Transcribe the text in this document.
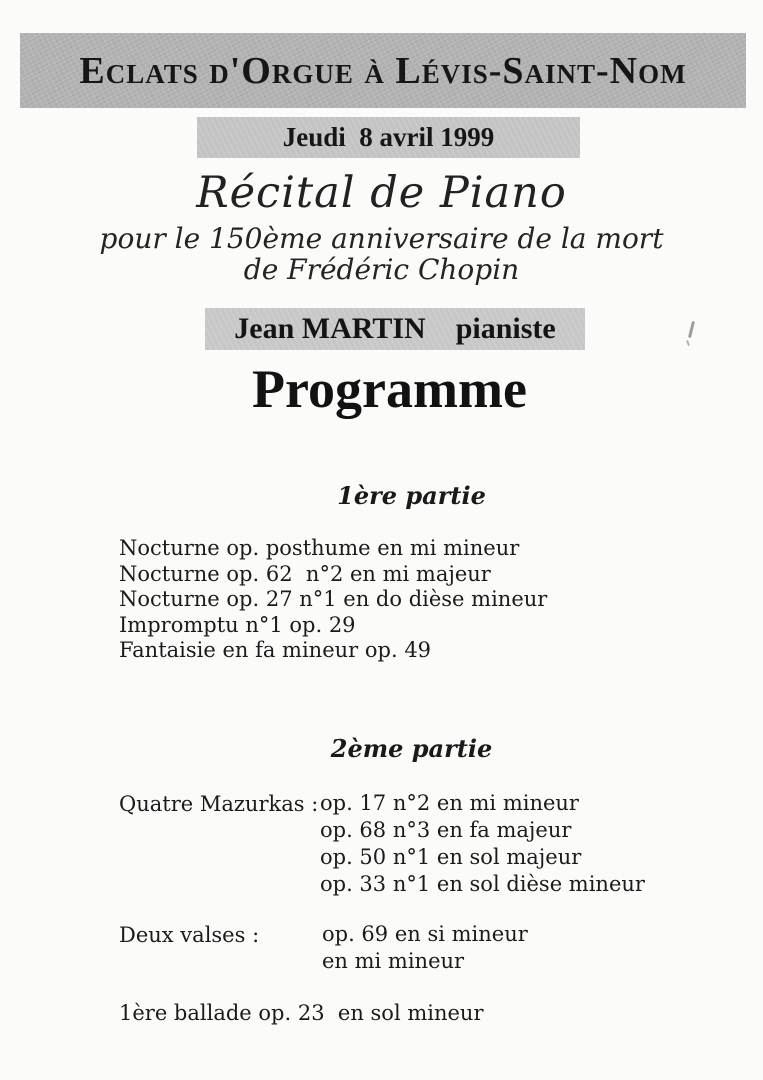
Eclats d'Orgue à Lévis-Saint-Nom
Jeudi  8 avril 1999
Récital de Piano
pour le 150ème anniversaire de la mort
de Frédéric Chopin
Jean MARTIN pianiste
Programme
1ère partie
Nocturne op. posthume en mi mineur
Nocturne op. 62  n°2 en mi majeur
Nocturne op. 27 n°1 en do dièse mineur
Impromptu n°1 op. 29
Fantaisie en fa mineur op. 49
2ème partie
Quatre Mazurkas : op. 17 n°2 en mi mineur
op. 68 n°3 en fa majeur
op. 50 n°1 en sol majeur
op. 33 n°1 en sol dièse mineur
Deux valses :	op. 69 en si mineur
en mi mineur
1ère ballade op. 23  en sol mineur
